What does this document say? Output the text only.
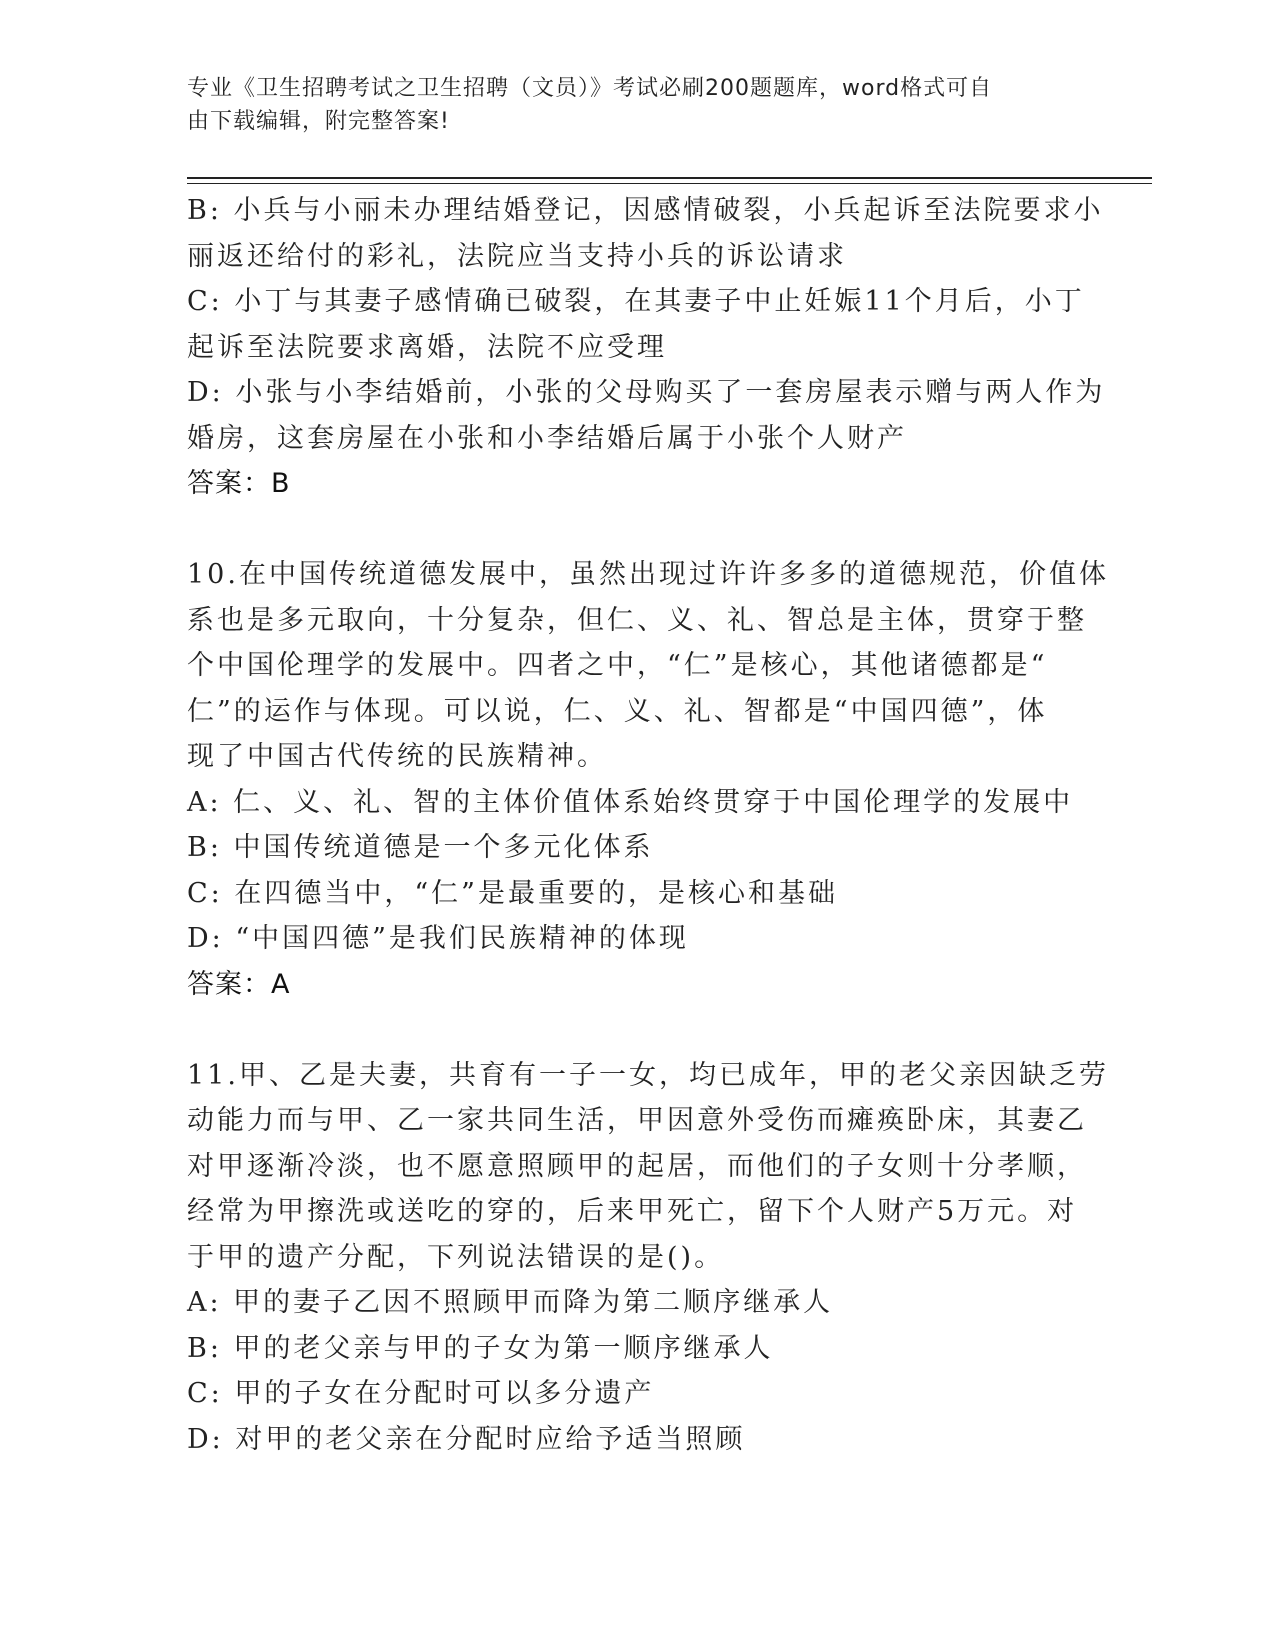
专业《卫生招聘考试之卫生招聘（文员）》考试必刷200题题库，word格式可自
由下载编辑，附完整答案!
B: 小兵与小丽未办理结婚登记，因感情破裂，小兵起诉至法院要求小
丽返还给付的彩礼，法院应当支持小兵的诉讼请求
C: 小丁与其妻子感情确已破裂，在其妻子中止妊娠11个月后，小丁
起诉至法院要求离婚，法院不应受理
D: 小张与小李结婚前，小张的父母购买了一套房屋表示赠与两人作为
婚房，这套房屋在小张和小李结婚后属于小张个人财产
答案：B
10.在中国传统道德发展中，虽然出现过许许多多的道德规范，价值体
系也是多元取向，十分复杂，但仁、义、礼、智总是主体，贯穿于整
个中国伦理学的发展中。四者之中，“仁”是核心，其他诸德都是“
仁”的运作与体现。可以说，仁、义、礼、智都是“中国四德”，体
现了中国古代传统的民族精神。
A: 仁、义、礼、智的主体价值体系始终贯穿于中国伦理学的发展中
B: 中国传统道德是一个多元化体系
C: 在四德当中，“仁”是最重要的，是核心和基础
D: “中国四德”是我们民族精神的体现
答案：A
11.甲、乙是夫妻，共育有一子一女，均已成年，甲的老父亲因缺乏劳
动能力而与甲、乙一家共同生活，甲因意外受伤而瘫痪卧床，其妻乙
对甲逐渐冷淡，也不愿意照顾甲的起居，而他们的子女则十分孝顺，
经常为甲擦洗或送吃的穿的，后来甲死亡，留下个人财产5万元。对
于甲的遗产分配，下列说法错误的是()。
A: 甲的妻子乙因不照顾甲而降为第二顺序继承人
B: 甲的老父亲与甲的子女为第一顺序继承人
C: 甲的子女在分配时可以多分遗产
D: 对甲的老父亲在分配时应给予适当照顾
